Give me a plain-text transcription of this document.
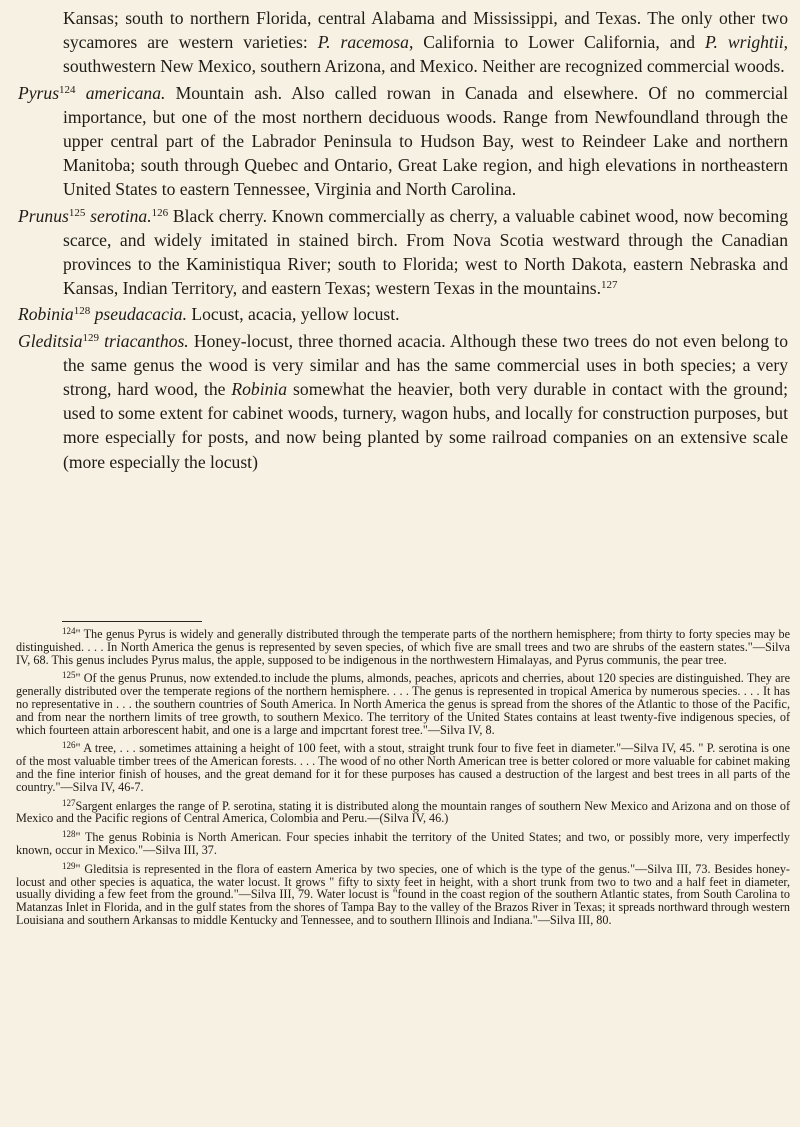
Kansas; south to northern Florida, central Alabama and Mississippi, and Texas. The only other two sycamores are western varieties: P. racemosa, California to Lower California, and P. wrightii, southwestern New Mexico, southern Arizona, and Mexico. Neither are recognized commercial woods.

Pyrus$^{124}$ americana. Mountain ash. Also called rowan in Canada and elsewhere. Of no commercial importance, but one of the most northern deciduous woods. Range from Newfoundland through the upper central part of the Labrador Peninsula to Hudson Bay, west to Reindeer Lake and northern Manitoba; south through Quebec and Ontario, Great Lake region, and high elevations in northeastern United States to eastern Tennessee, Virginia and North Carolina.

Prunus$^{125}$ serotina.$^{126}$ Black cherry. Known commercially as cherry, a valuable cabinet wood, now becoming scarce, and widely imitated in stained birch. From Nova Scotia westward through the Canadian provinces to the Kaministiqua River; south to Florida; west to North Dakota, eastern Nebraska and Kansas, Indian Territory, and eastern Texas; western Texas in the mountains.$^{127}$

Robinia$^{128}$ pseudacacia. Locust, acacia, yellow locust.

Gleditsia$^{129}$ triacanthos. Honey-locust, three thorned acacia. Although these two trees do not even belong to the same genus the wood is very similar and has the same commercial uses in both species; a very strong, hard wood, the Robinia somewhat the heavier, both very durable in contact with the ground; used to some extent for cabinet woods, turnery, wagon hubs, and locally for construction purposes, but more especially for posts, and now being planted by some railroad companies on an extensive scale (more especially the locust)

$^{124}$" The genus Pyrus is widely and generally distributed through the temperate parts of the northern hemisphere; from thirty to forty species may be distinguished. . . . In North America the genus is represented by seven species, of which five are small trees and two are shrubs of the eastern states."—Silva IV, 68. This genus includes Pyrus malus, the apple, supposed to be indigenous in the northwestern Himalayas, and Pyrus communis, the pear tree.

$^{125}$" Of the genus Prunus, now extended.to include the plums, almonds, peaches, apricots and cherries, about 120 species are distinguished. They are generally distributed over the temperate regions of the northern hemisphere. . . . The genus is represented in tropical America by numerous species. . . . It has no representative in . . . the southern countries of South America. In North America the genus is spread from the shores of the Atlantic to those of the Pacific, and from near the northern limits of tree growth, to southern Mexico. The territory of the United States contains at least twenty-five indigenous species, of which fourteen attain arborescent habit, and one is a large and impcrtant forest tree."—Silva IV, 8.

$^{126}$" A tree, . . . sometimes attaining a height of 100 feet, with a stout, straight trunk four to five feet in diameter."—Silva IV, 45. " P. serotina is one of the most valuable timber trees of the American forests. . . . The wood of no other North American tree is better colored or more valuable for cabinet making and the fine interior finish of houses, and the great demand for it for these purposes has caused a destruction of the largest and best trees in all parts of the country."—Silva IV, 46-7.

$^{127}$Sargent enlarges the range of P. serotina, stating it is distributed along the mountain ranges of southern New Mexico and Arizona and on those of Mexico and the Pacific regions of Central America, Colombia and Peru.—(Silva IV, 46.)

$^{128}$" The genus Robinia is North American. Four species inhabit the territory of the United States; and two, or possibly more, very imperfectly known, occur in Mexico."—Silva III, 37.

$^{129}$" Gleditsia is represented in the flora of eastern America by two species, one of which is the type of the genus."—Silva III, 73. Besides honey-locust and other species is aquatica, the water locust. It grows " fifty to sixty feet in height, with a short trunk from two to two and a half feet in diameter, usually dividing a few feet from the ground."—Silva III, 79. Water locust is "found in the coast region of the southern Atlantic states, from South Carolina to Matanzas Inlet in Florida, and in the gulf states from the shores of Tampa Bay to the valley of the Brazos River in Texas; it spreads northward through western Louisiana and southern Arkansas to middle Kentucky and Tennessee, and to southern Illinois and Indiana."—Silva III, 80.
